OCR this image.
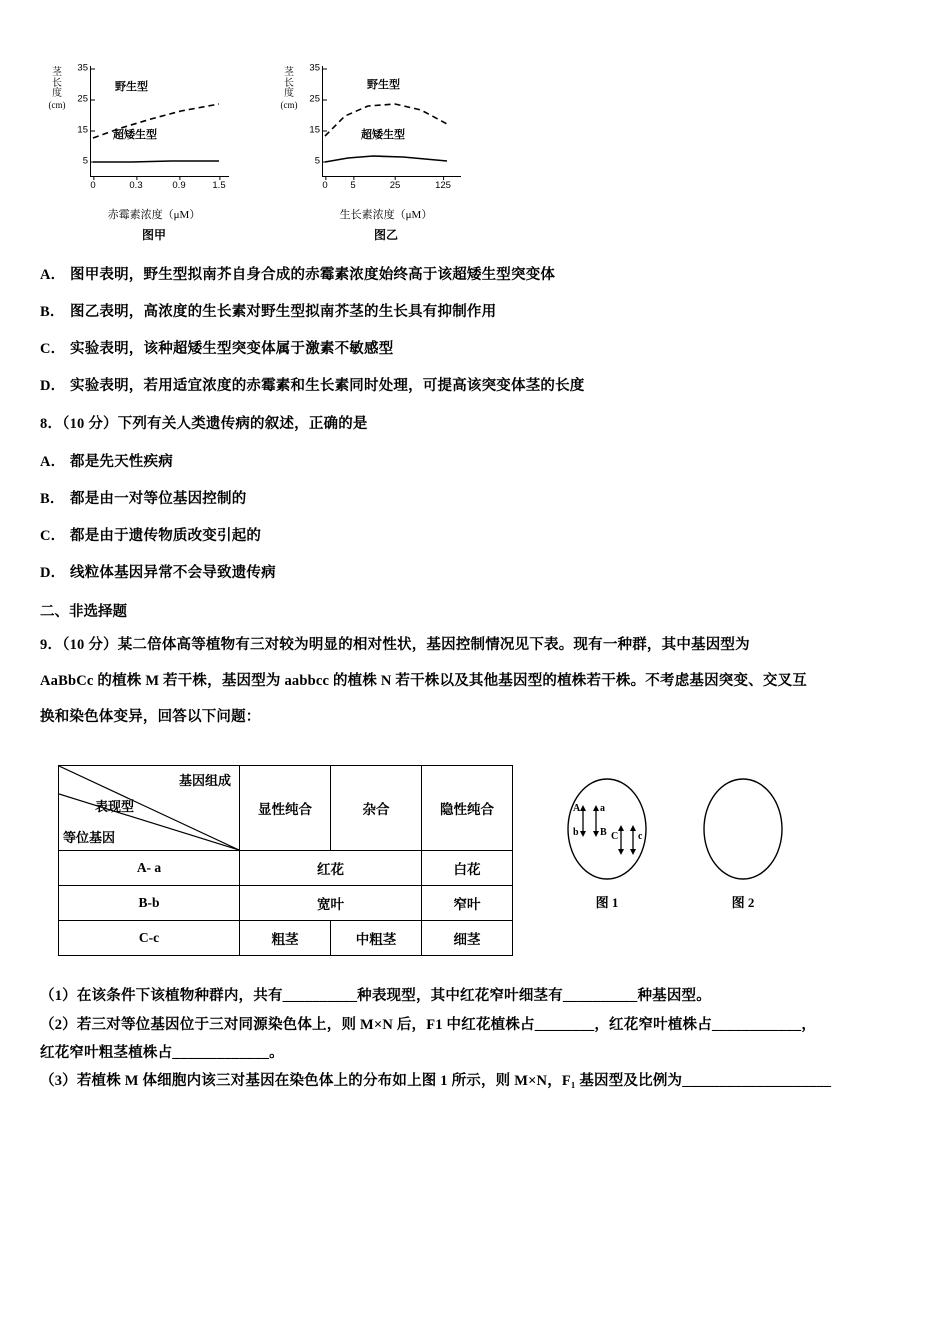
茎
长
度
(cm)
35
25
15
5
0	0.3	0.9	1.5
野生型
超矮生型
赤霉素浓度（μM）
图甲
茎
长
度
(cm)
35
25
15
5
0 5	25	125
野生型
超矮生型
生长素浓度（μM）
图乙

A． 图甲表明，野生型拟南芥自身合成的赤霉素浓度始终高于该超矮生型突变体

B． 图乙表明，高浓度的生长素对野生型拟南芥茎的生长具有抑制作用

C． 实验表明，该种超矮生型突变体属于激素不敏感型

D． 实验表明，若用适宜浓度的赤霉素和生长素同时处理，可提高该突变体茎的长度

8．（10 分）下列有关人类遗传病的叙述，正确的是

A． 都是先天性疾病

B． 都是由一对等位基因控制的

C． 都是由于遗传物质改变引起的

D． 线粒体基因异常不会导致遗传病

二、非选择题

9．（10 分）某二倍体高等植物有三对较为明显的相对性状，基因控制情况见下表。现有一种群，其中基因型为

AaBbCc 的植株 M 若干株，基因型为 aabbcc 的植株 N 若干株以及其他基因型的植株若干株。不考虑基因突变、交叉互

换和染色体变异，回答以下问题：

基因组成
表现型
等位基因	显性纯合	杂合	隐性纯合
A- a	红花		白花
B-b	宽叶		窄叶
C-c	粗茎	中粗茎	细茎
A a
b B C c
图 1	图 2

（1）在该条件下该植物种群内，共有__________种表现型，其中红花窄叶细茎有__________种基因型。

（2）若三对等位基因位于三对同源染色体上，则 M×N 后，F1 中红花植株占________，红花窄叶植株占____________，

红花窄叶粗茎植株占_____________。

（3）若植株 M 体细胞内该三对基因在染色体上的分布如上图 1 所示，则 M×N，F₁ 基因型及比例为____________________
